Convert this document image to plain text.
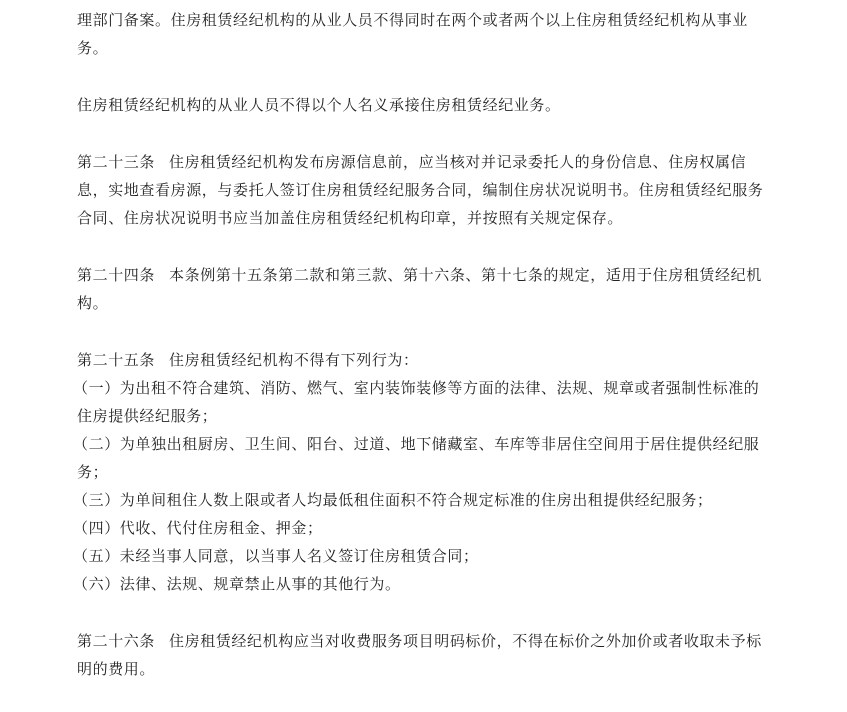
理部门备案。住房租赁经纪机构的从业人员不得同时在两个或者两个以上住房租赁经纪机构从事业务。

住房租赁经纪机构的从业人员不得以个人名义承接住房租赁经纪业务。

第二十三条 住房租赁经纪机构发布房源信息前，应当核对并记录委托人的身份信息、住房权属信息，实地查看房源，与委托人签订住房租赁经纪服务合同，编制住房状况说明书。住房租赁经纪服务合同、住房状况说明书应当加盖住房租赁经纪机构印章，并按照有关规定保存。

第二十四条 本条例第十五条第二款和第三款、第十六条、第十七条的规定，适用于住房租赁经纪机构。

第二十五条 住房租赁经纪机构不得有下列行为：

（一）为出租不符合建筑、消防、燃气、室内装饰装修等方面的法律、法规、规章或者强制性标准的住房提供经纪服务；
（二）为单独出租厨房、卫生间、阳台、过道、地下储藏室、车库等非居住空间用于居住提供经纪服务；
（三）为单间租住人数上限或者人均最低租住面积不符合规定标准的住房出租提供经纪服务；
（四）代收、代付住房租金、押金；
（五）未经当事人同意，以当事人名义签订住房租赁合同；
（六）法律、法规、规章禁止从事的其他行为。

第二十六条 住房租赁经纪机构应当对收费服务项目明码标价，不得在标价之外加价或者收取未予标明的费用。
